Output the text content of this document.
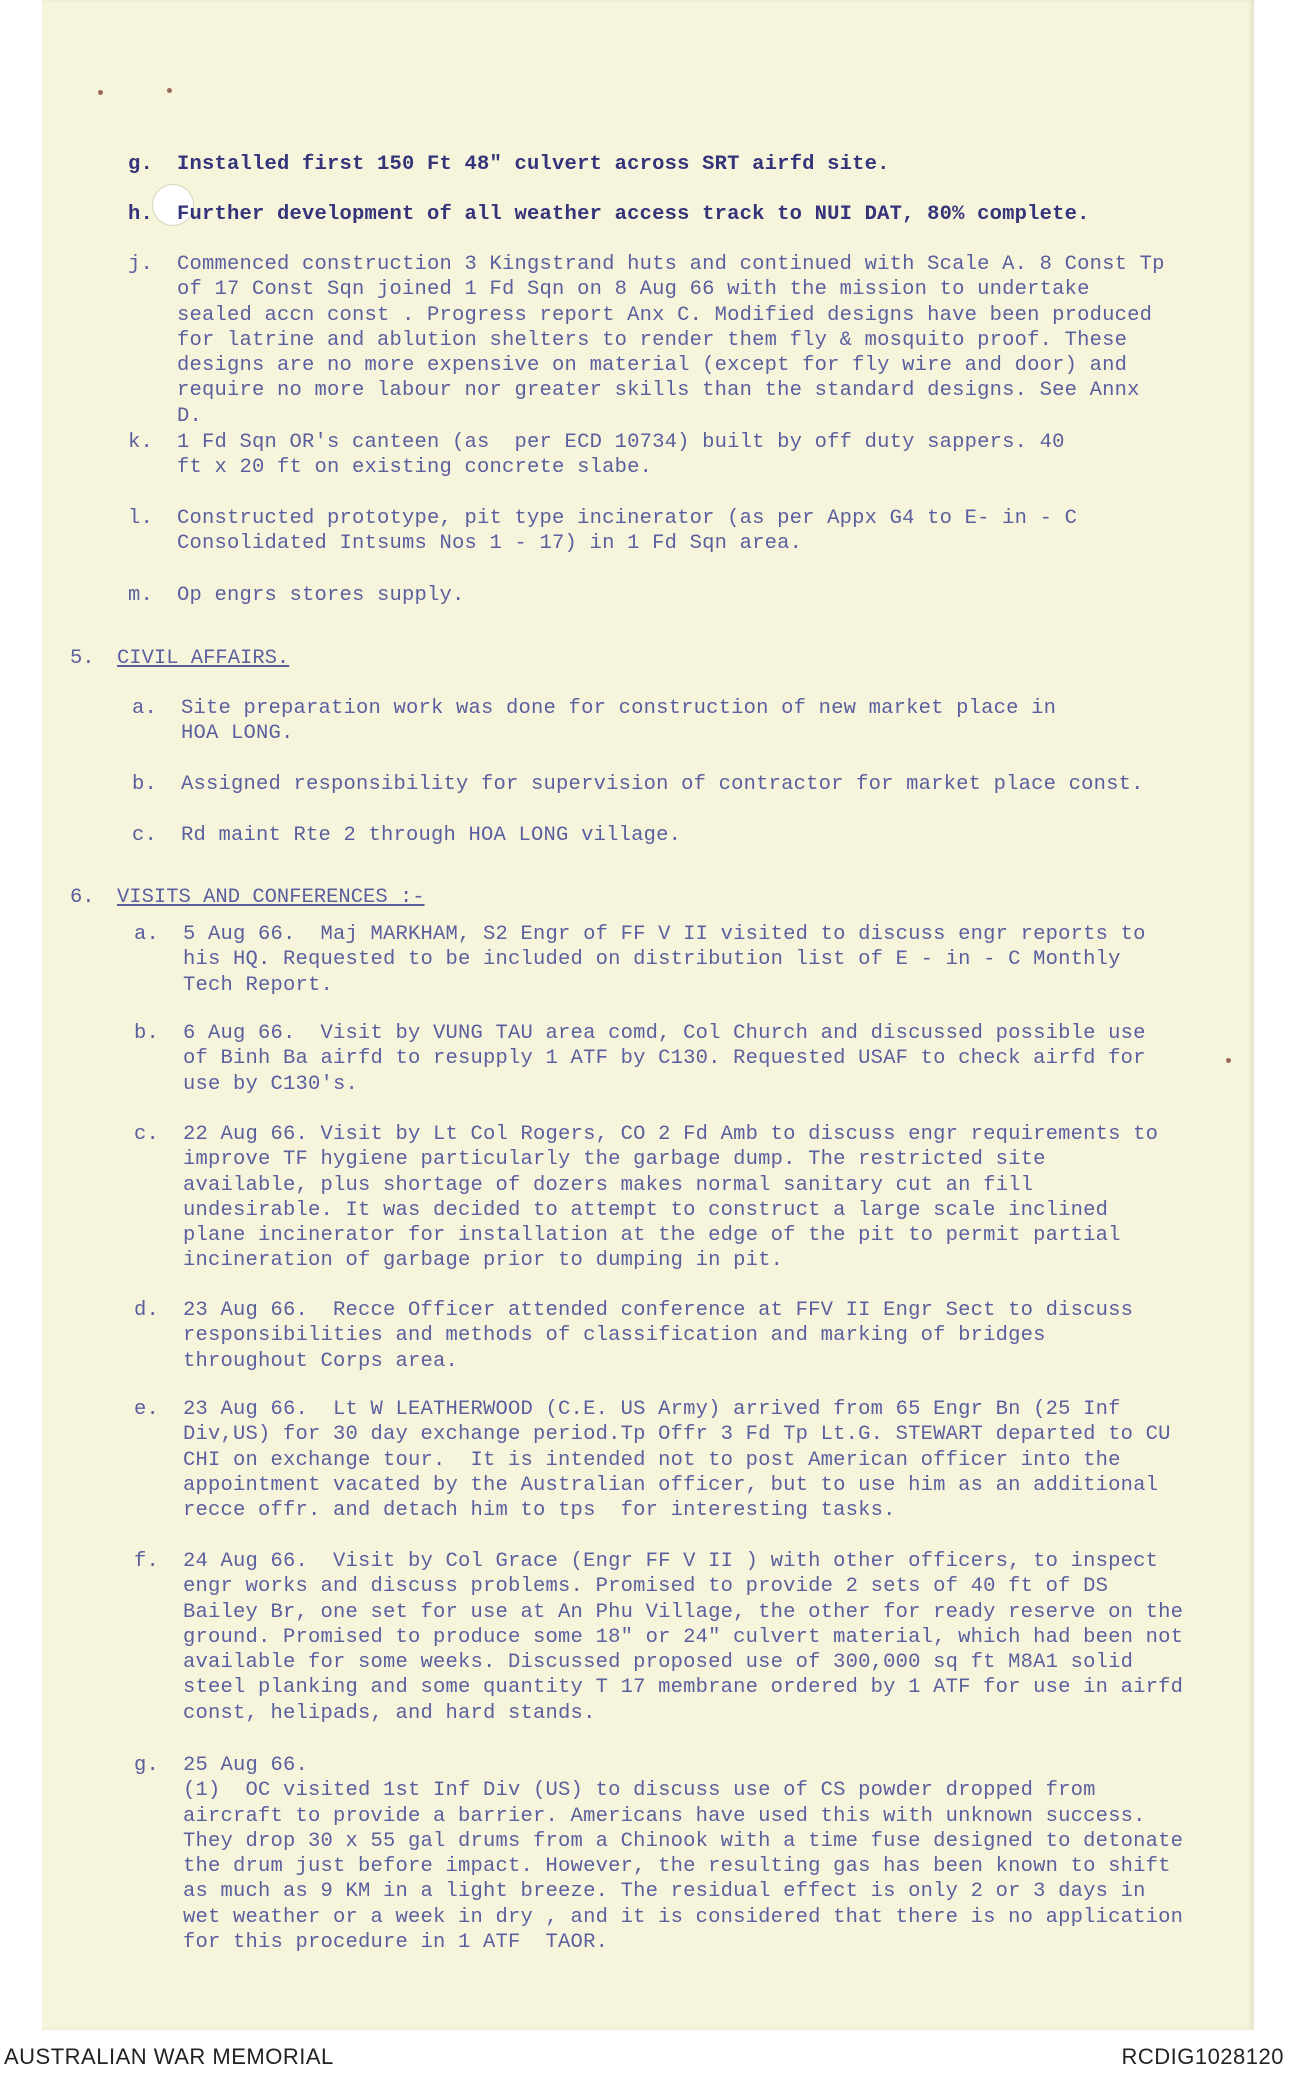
g. Installed first 150 Ft 48" culvert across SRT airfd site.
h. Further development of all weather access track to NUI DAT, 80% complete.
j. Commenced construction 3 Kingstrand huts and continued with Scale A. 8 Const Tp of 17 Const Sqn joined 1 Fd Sqn on 8 Aug 66 with the mission to undertake sealed accn const . Progress report Anx C. Modified designs have been produced for latrine and ablution shelters to render them fly & mosquito proof. These designs are no more expensive on material (except for fly wire and door) and require no more labour nor greater skills than the standard designs. See Annx D.
k. 1 Fd Sqn OR's canteen (as  per ECD 10734) built by off duty sappers. 40 ft x 20 ft on existing concrete slabe.
l. Constructed prototype, pit type incinerator (as per Appx G4 to E- in - C Consolidated Intsums Nos 1 - 17) in 1 Fd Sqn area.
m. Op engrs stores supply.
5. CIVIL AFFAIRS.
a. Site preparation work was done for construction of new market place in HOA LONG.
b. Assigned responsibility for supervision of contractor for market place const.
c. Rd maint Rte 2 through HOA LONG village.
6. VISITS AND CONFERENCES :-
a. 5 Aug 66.  Maj MARKHAM, S2 Engr of FF V II visited to discuss engr reports to his HQ. Requested to be included on distribution list of E - in - C Monthly Tech Report.
b. 6 Aug 66.  Visit by VUNG TAU area comd, Col Church and discussed possible use of Binh Ba airfd to resupply 1 ATF by C130. Requested USAF to check airfd for use by C130's.
c. 22 Aug 66. Visit by Lt Col Rogers, CO 2 Fd Amb to discuss engr requirements to improve TF hygiene particularly the garbage dump. The restricted site available, plus shortage of dozers makes normal sanitary cut an fill undesirable. It was decided to attempt to construct a large scale inclined plane incinerator for installation at the edge of the pit to permit partial incineration of garbage prior to dumping in pit.
d. 23 Aug 66.  Recce Officer attended conference at FFV II Engr Sect to discuss responsibilities and methods of classification and marking of bridges throughout Corps area.
e. 23 Aug 66.  Lt W LEATHERWOOD (C.E. US Army) arrived from 65 Engr Bn (25 Inf Div,US) for 30 day exchange period.Tp Offr 3 Fd Tp Lt.G. STEWART departed to CU CHI on exchange tour.  It is intended not to post American officer into the appointment vacated by the Australian officer, but to use him as an additional recce offr. and detach him to tps  for interesting tasks.
f. 24 Aug 66.  Visit by Col Grace (Engr FF V II ) with other officers, to inspect engr works and discuss problems. Promised to provide 2 sets of 40 ft of DS Bailey Br, one set for use at An Phu Village, the other for ready reserve on the ground. Promised to produce some 18" or 24" culvert material, which had been not available for some weeks. Discussed proposed use of 300,000 sq ft M8A1 solid steel planking and some quantity T 17 membrane ordered by 1 ATF for use in airfd const, helipads, and hard stands.
g. 25 Aug 66.
(1)  OC visited 1st Inf Div (US) to discuss use of CS powder dropped from aircraft to provide a barrier. Americans have used this with unknown success. They drop 30 x 55 gal drums from a Chinook with a time fuse designed to detonate the drum just before impact. However, the resulting gas has been known to shift as much as 9 KM in a light breeze. The residual effect is only 2 or 3 days in wet weather or a week in dry , and it is considered that there is no application for this procedure in 1 ATF  TAOR.
AUSTRALIAN WAR MEMORIAL	RCDIG1028120
